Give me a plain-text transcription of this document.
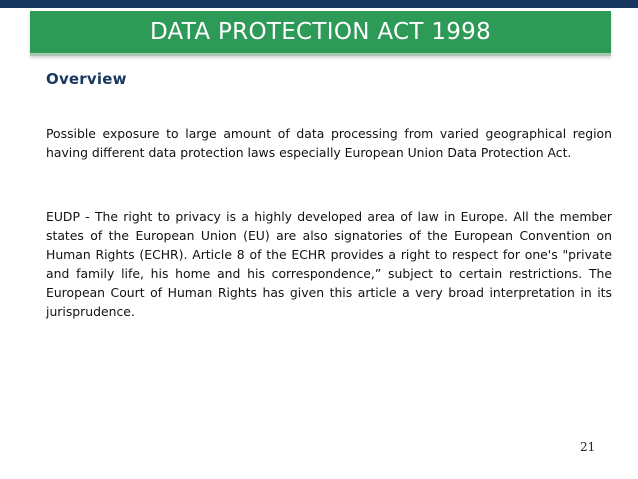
DATA PROTECTION ACT 1998
Overview

Possible exposure to large amount of data processing from varied geographical region having different data protection laws especially European Union Data Protection Act.

EUDP - The right to privacy is a highly developed area of law in Europe. All the member states of the European Union (EU) are also signatories of the European Convention on Human Rights (ECHR). Article 8 of the ECHR provides a right to respect for one's "private and family life, his home and his correspondence,” subject to certain restrictions. The European Court of Human Rights has given this article a very broad interpretation in its jurisprudence.

21
